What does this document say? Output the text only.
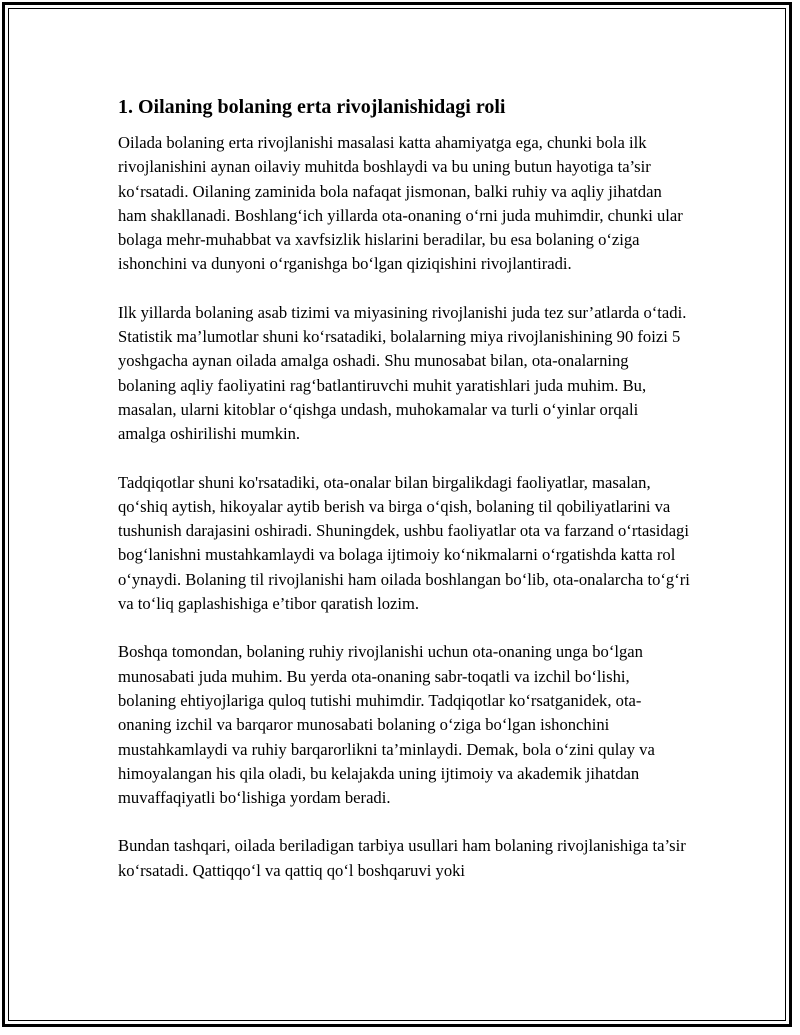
1. Oilaning bolaning erta rivojlanishidagi roli

Oilada bolaning erta rivojlanishi masalasi katta ahamiyatga ega, chunki bola ilk rivojlanishini aynan oilaviy muhitda boshlaydi va bu uning butun hayotiga ta’sir ko‘rsatadi. Oilaning zaminida bola nafaqat jismonan, balki ruhiy va aqliy jihatdan ham shakllanadi. Boshlang‘ich yillarda ota-onaning o‘rni juda muhimdir, chunki ular bolaga mehr-muhabbat va xavfsizlik hislarini beradilar, bu esa bolaning o‘ziga ishonchini va dunyoni o‘rganishga bo‘lgan qiziqishini rivojlantiradi.

Ilk yillarda bolaning asab tizimi va miyasining rivojlanishi juda tez sur’atlarda o‘tadi. Statistik ma’lumotlar shuni ko‘rsatadiki, bolalarning miya rivojlanishining 90 foizi 5 yoshgacha aynan oilada amalga oshadi. Shu munosabat bilan, ota-onalarning bolaning aqliy faoliyatini rag‘batlantiruvchi muhit yaratishlari juda muhim. Bu, masalan, ularni kitoblar o‘qishga undash, muhokamalar va turli o‘yinlar orqali amalga oshirilishi mumkin.

Tadqiqotlar shuni ko'rsatadiki, ota-onalar bilan birgalikdagi faoliyatlar, masalan, qo‘shiq aytish, hikoyalar aytib berish va birga o‘qish, bolaning til qobiliyatlarini va tushunish darajasini oshiradi. Shuningdek, ushbu faoliyatlar ota va farzand o‘rtasidagi bog‘lanishni mustahkamlaydi va bolaga ijtimoiy ko‘nikmalarni o‘rgatishda katta rol o‘ynaydi. Bolaning til rivojlanishi ham oilada boshlangan bo‘lib, ota-onalarcha to‘g‘ri va to‘liq gaplashishiga e’tibor qaratish lozim.

Boshqa tomondan, bolaning ruhiy rivojlanishi uchun ota-onaning unga bo‘lgan munosabati juda muhim. Bu yerda ota-onaning sabr-toqatli va izchil bo‘lishi, bolaning ehtiyojlariga quloq tutishi muhimdir. Tadqiqotlar ko‘rsatganidek, ota-onaning izchil va barqaror munosabati bolaning o‘ziga bo‘lgan ishonchini mustahkamlaydi va ruhiy barqarorlikni ta’minlaydi. Demak, bola o‘zini qulay va himoyalangan his qila oladi, bu kelajakda uning ijtimoiy va akademik jihatdan muvaffaqiyatli bo‘lishiga yordam beradi.

Bundan tashqari, oilada beriladigan tarbiya usullari ham bolaning rivojlanishiga ta’sir ko‘rsatadi. Qattiqqo‘l va qattiq qo‘l boshqaruvi yoki
